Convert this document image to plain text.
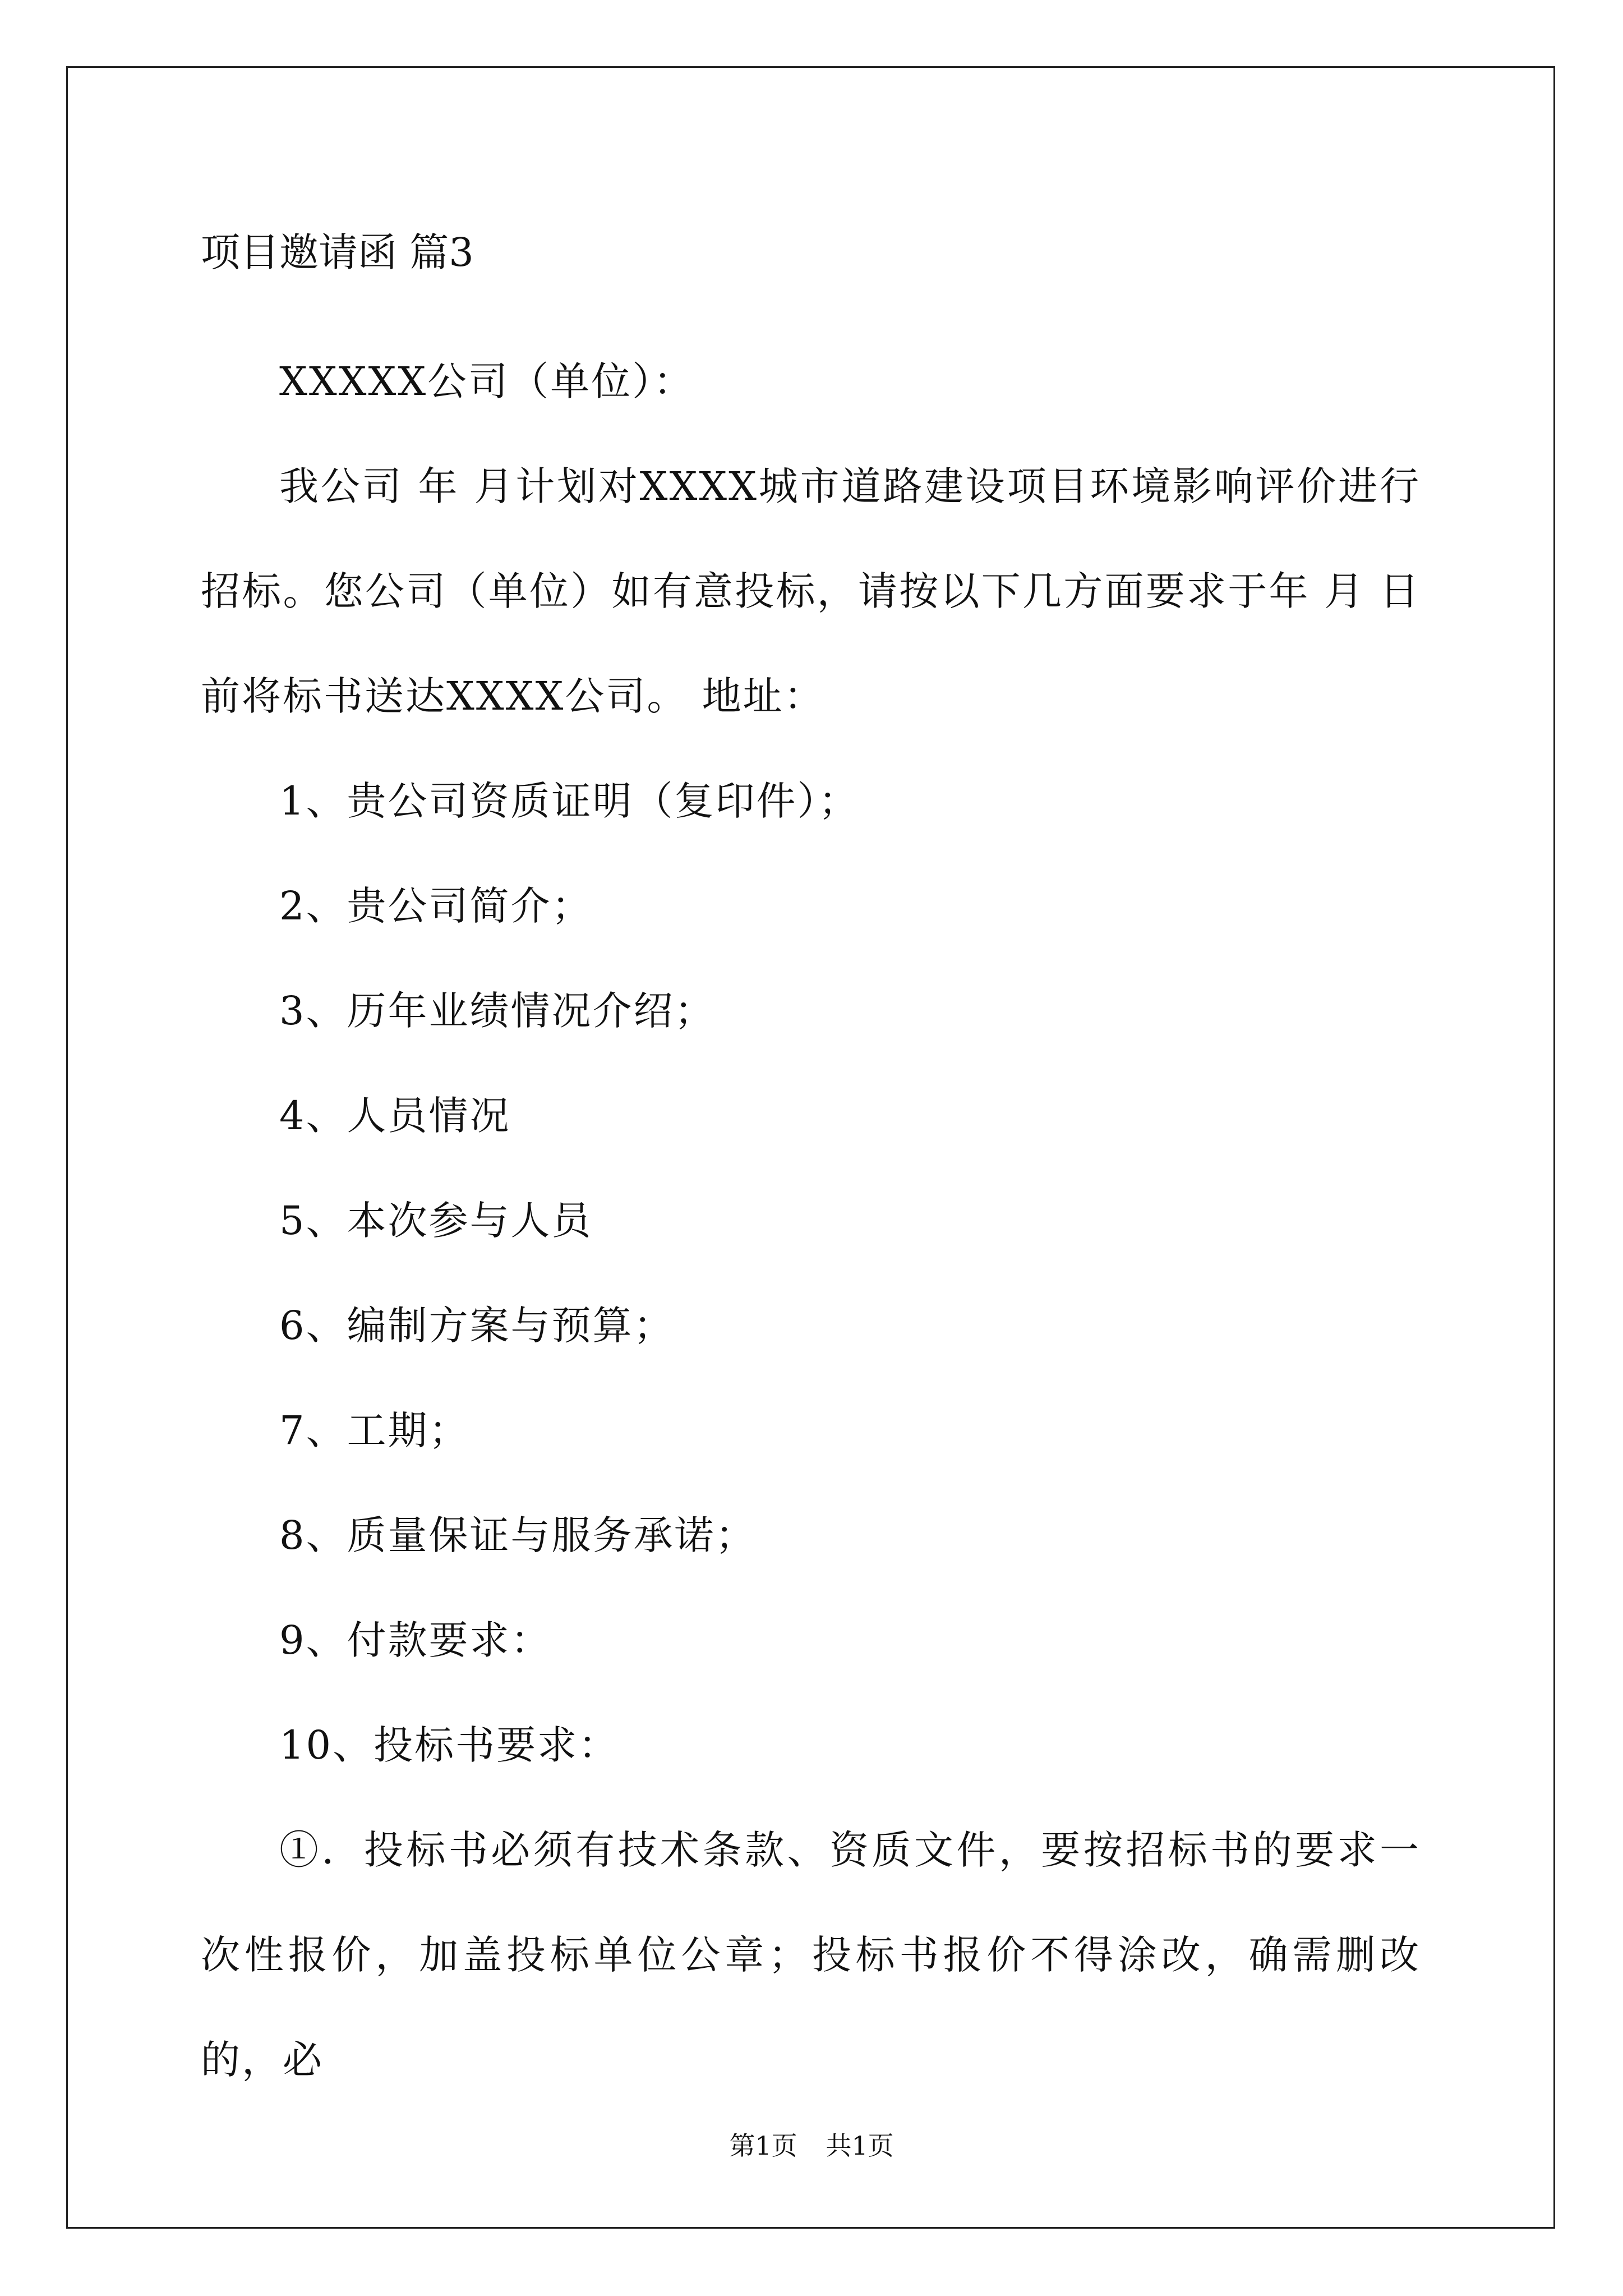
项目邀请函 篇3

XXXXX公司（单位）：

我公司 年 月计划对XXXX城市道路建设项目环境影响评价进行招标。您公司（单位）如有意投标，请按以下几方面要求于年 月 日前将标书送达XXXX公司。 地址：

1、贵公司资质证明（复印件）；

2、贵公司简介；

3、历年业绩情况介绍；

4、人员情况

5、本次参与人员

6、编制方案与预算；

7、工期；

8、质量保证与服务承诺；

9、付款要求：

10、投标书要求：

①．投标书必须有技术条款、资质文件，要按招标书的要求一次性报价，加盖投标单位公章；投标书报价不得涂改，确需删改的，必

第1页 共1页
